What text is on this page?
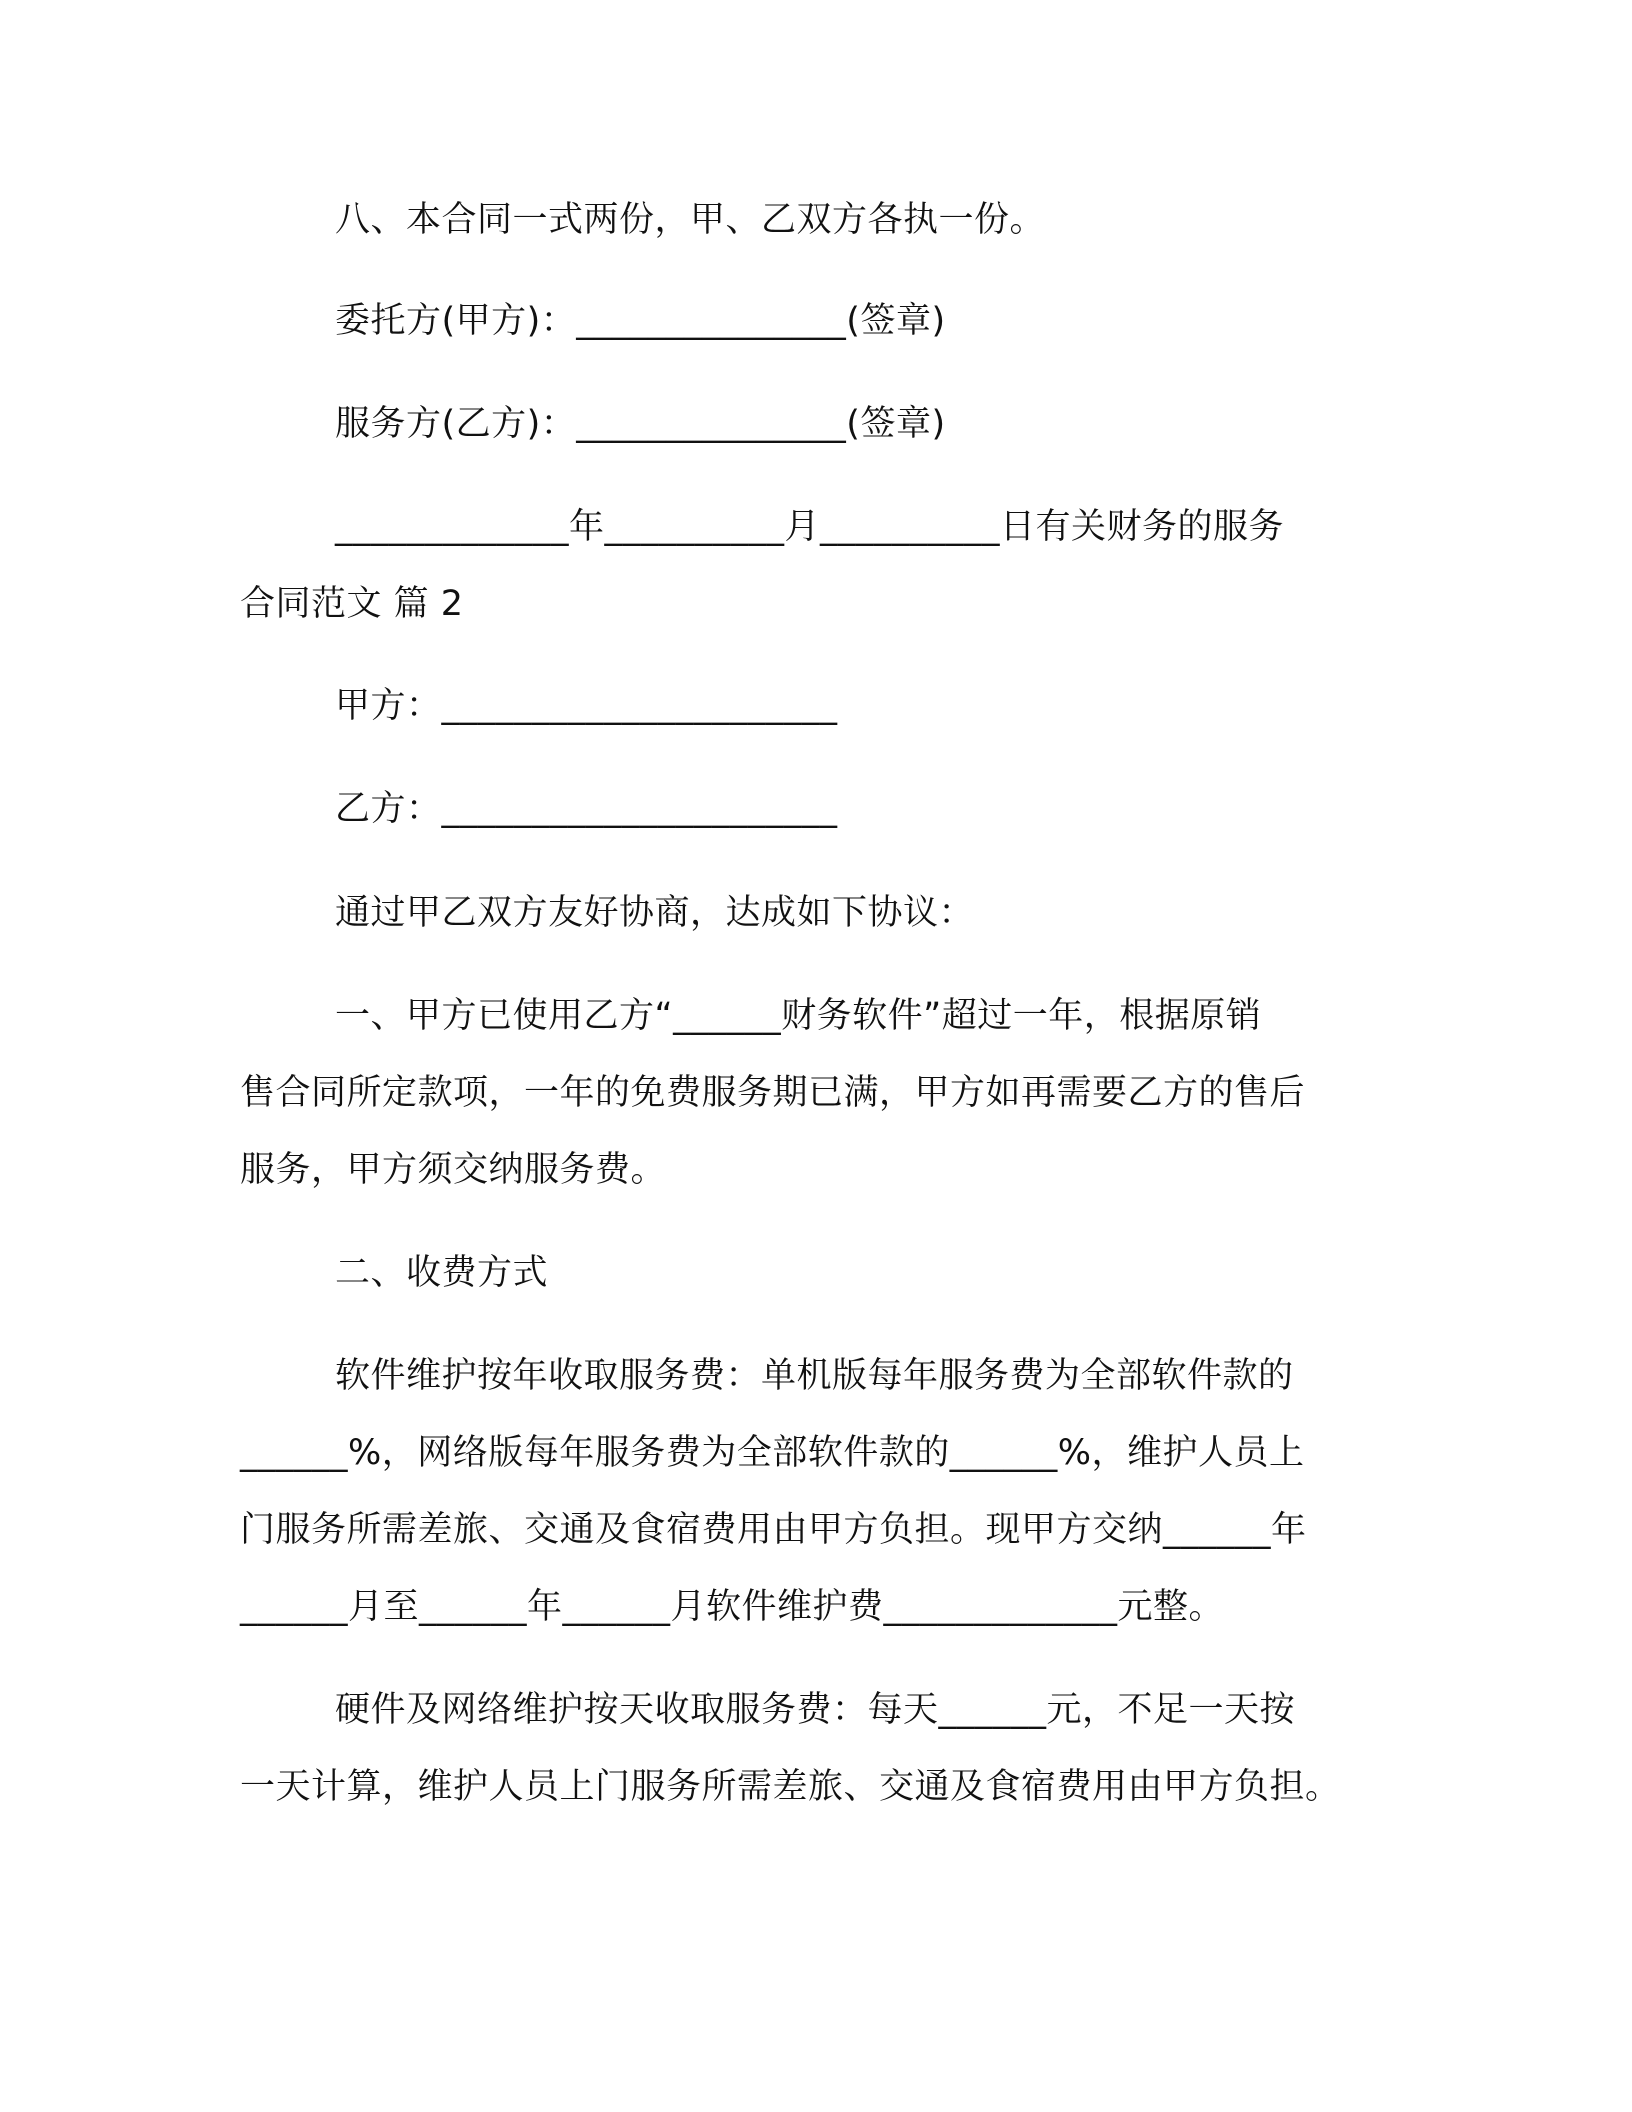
八、本合同一式两份，甲、乙双方各执一份。
委托方(甲方)：_______________(签章)
服务方(乙方)：_______________(签章)
_____________年__________月__________日有关财务的服务
合同范文 篇 2
甲方：______________________
乙方：______________________
通过甲乙双方友好协商，达成如下协议：
一、甲方已使用乙方“______财务软件”超过一年，根据原销
售合同所定款项，一年的免费服务期已满，甲方如再需要乙方的售后
服务，甲方须交纳服务费。
二、收费方式
软件维护按年收取服务费：单机版每年服务费为全部软件款的
______%，网络版每年服务费为全部软件款的______%，维护人员上
门服务所需差旅、交通及食宿费用由甲方负担。现甲方交纳______年
______月至______年______月软件维护费_____________元整。
硬件及网络维护按天收取服务费：每天______元，不足一天按
一天计算，维护人员上门服务所需差旅、交通及食宿费用由甲方负担。
